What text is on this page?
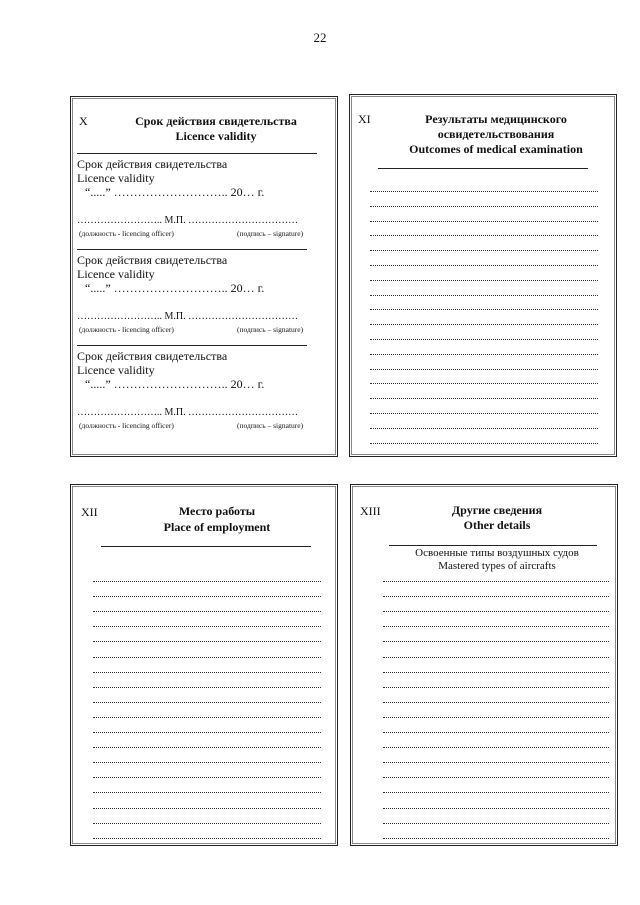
22
X	Срок действия свидетельства
Licence validity
Срок действия свидетельства
Licence validity
“.....” ……………………….. 20… г.
…………………….. М.П. ……………………………
(должность - licencing officer)	(подпись – signature)
Срок действия свидетельства
Licence validity
“.....” ……………………….. 20… г.
…………………….. М.П. ……………………………
(должность - licencing officer)	(подпись – signature)
Срок действия свидетельства
Licence validity
“.....” ……………………….. 20… г.
…………………….. М.П. ……………………………
(должность - licencing officer)	(подпись – signature)
XI	Результаты медицинского
освидетельствования
Outcomes of medical examination
XII	Место работы
Place of employment
XIII	Другие сведения
Other details
Освоенные типы воздушных судов
Mastered types of aircrafts
